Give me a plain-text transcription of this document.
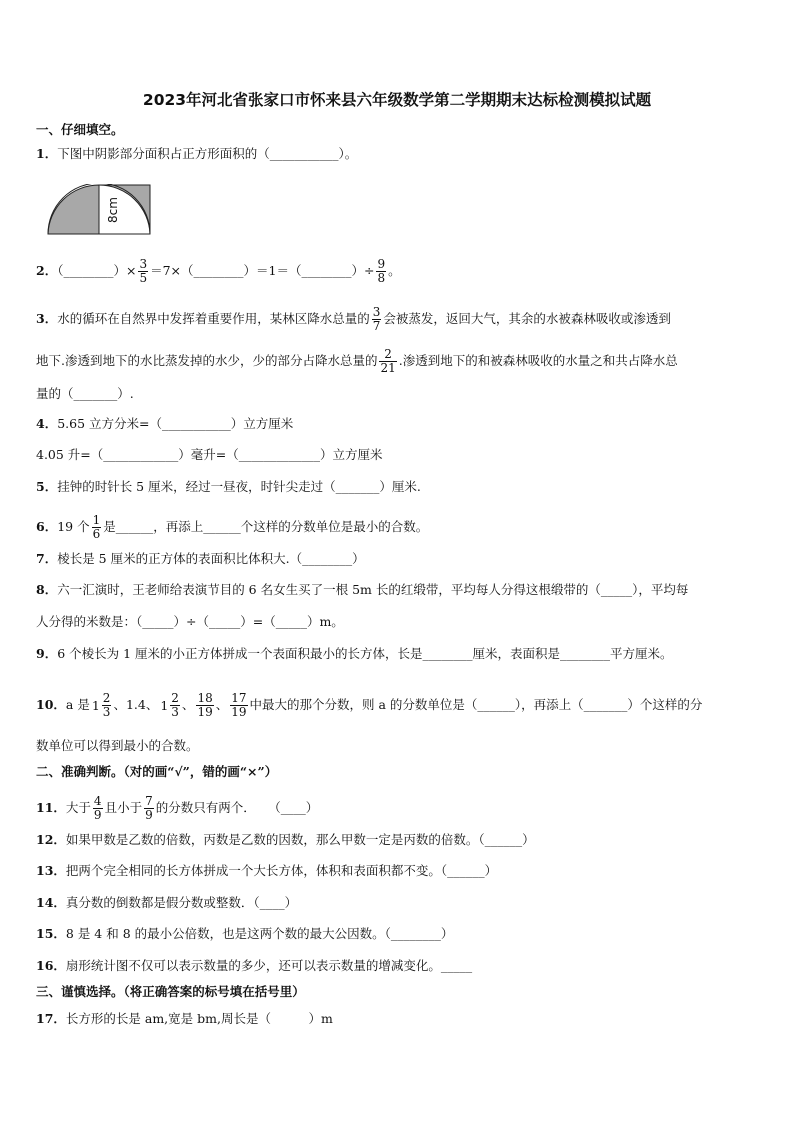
2023年河北省张家口市怀来县六年级数学第二学期期末达标检测模拟试题
一、仔细填空。
1．下图中阴影部分面积占正方形面积的（___________）。
8cm
2．（________）× $\frac{3}{5}$ ＝7×（________）＝1＝（________）÷ $\frac{9}{8}$ 。
3．水的循环在自然界中发挥着重要作用，某林区降水总量的 $\frac{3}{7}$ 会被蒸发，返回大气，其余的水被森林吸收或渗透到
地下.渗透到地下的水比蒸发掉的水少，少的部分占降水总量的 $\frac{2}{21}$ .渗透到地下的和被森林吸收的水量之和共占降水总
量的（_______）.
4．5.65 立方分米=（___________）立方厘米
4.05 升=（____________）毫升=（_____________）立方厘米
5．挂钟的时针长 5 厘米，经过一昼夜，时针尖走过（_______）厘米.
6．19 个 $\frac{1}{6}$ 是______，再添上______个这样的分数单位是最小的合数。
7．棱长是 5 厘米的正方体的表面积比体积大.（________）
8．六一汇演时，王老师给表演节目的 6 名女生买了一根 5m 长的红缎带，平均每人分得这根缎带的（_____），平均每
人分得的米数是：（_____）÷（_____）=（_____）m。
9．6 个棱长为 1 厘米的小正方体拼成一个表面积最小的长方体，长是________厘米，表面积是________平方厘米。
10．a 是 $1 \frac{2}{3}$ 、1.4、 $1 \frac{2}{3}$ 、 $\frac{18}{19}$ 、 $\frac{17}{19}$ 中最大的那个分数，则 a 的分数单位是（______），再添上（_______）个这样的分
数单位可以得到最小的合数。
二、准确判断。（对的画“√”，错的画“×”）
11．大于 $\frac{4}{9}$ 且小于 $\frac{7}{9}$ 的分数只有两个．　　（____）
12．如果甲数是乙数的倍数，丙数是乙数的因数，那么甲数一定是丙数的倍数。（______）
13．把两个完全相同的长方体拼成一个大长方体，体积和表面积都不变。（______）
14．真分数的倒数都是假分数或整数．（____）
15．8 是 4 和 8 的最小公倍数，也是这两个数的最大公因数。（________）
16．扇形统计图不仅可以表示数量的多少，还可以表示数量的增减变化。_____
三、谨慎选择。（将正确答案的标号填在括号里）
17．长方形的长是 am,宽是 bm,周长是（　　　）m
